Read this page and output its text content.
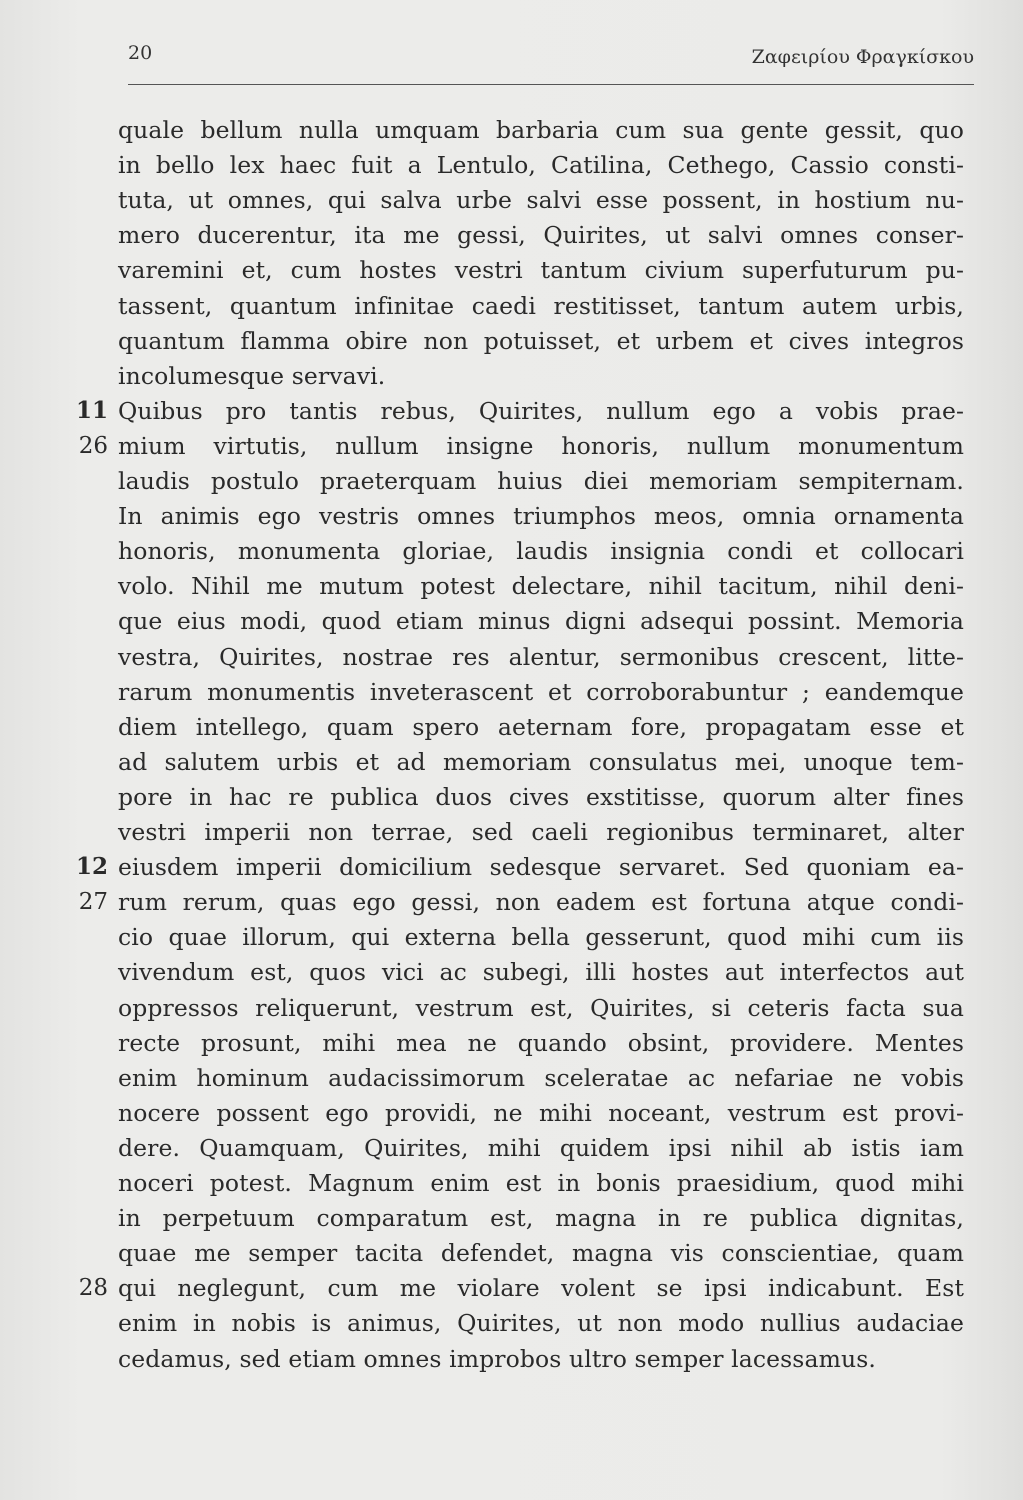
20	Ζαφειρίου Φραγκίσκου
quale bellum nulla umquam barbaria cum sua gente gessit, quo
in bello lex haec fuit a Lentulo, Catilina, Cethego, Cassio consti-
tuta, ut omnes, qui salva urbe salvi esse possent, in hostium nu-
mero ducerentur, ita me gessi, Quirites, ut salvi omnes conser-
varemini et, cum hostes vestri tantum civium superfuturum pu-
tassent, quantum infinitae caedi restitisset, tantum autem urbis,
quantum flamma obire non potuisset, et urbem et cives integros
incolumesque servavi.
Quibus pro tantis rebus, Quirites, nullum ego a vobis prae-
mium virtutis, nullum insigne honoris, nullum monumentum
laudis postulo praeterquam huius diei memoriam sempiternam.
In animis ego vestris omnes triumphos meos, omnia ornamenta
honoris, monumenta gloriae, laudis insignia condi et collocari
volo. Nihil me mutum potest delectare, nihil tacitum, nihil deni-
que eius modi, quod etiam minus digni adsequi possint. Memoria
vestra, Quirites, nostrae res alentur, sermonibus crescent, litte-
rarum monumentis inveterascent et corroborabuntur ; eandemque
diem intellego, quam spero aeternam fore, propagatam esse et
ad salutem urbis et ad memoriam consulatus mei, unoque tem-
pore in hac re publica duos cives exstitisse, quorum alter fines
vestri imperii non terrae, sed caeli regionibus terminaret, alter
eiusdem imperii domicilium sedesque servaret. Sed quoniam ea-
rum rerum, quas ego gessi, non eadem est fortuna atque condi-
cio quae illorum, qui externa bella gesserunt, quod mihi cum iis
vivendum est, quos vici ac subegi, illi hostes aut interfectos aut
oppressos reliquerunt, vestrum est, Quirites, si ceteris facta sua
recte prosunt, mihi mea ne quando obsint, providere. Mentes
enim hominum audacissimorum sceleratae ac nefariae ne vobis
nocere possent ego providi, ne mihi noceant, vestrum est provi-
dere. Quamquam, Quirites, mihi quidem ipsi nihil ab istis iam
noceri potest. Magnum enim est in bonis praesidium, quod mihi
in perpetuum comparatum est, magna in re publica dignitas,
quae me semper tacita defendet, magna vis conscientiae, quam
qui neglegunt, cum me violare volent se ipsi indicabunt. Est
enim in nobis is animus, Quirites, ut non modo nullius audaciae
cedamus, sed etiam omnes improbos ultro semper lacessamus.
11
26
12
27
28
